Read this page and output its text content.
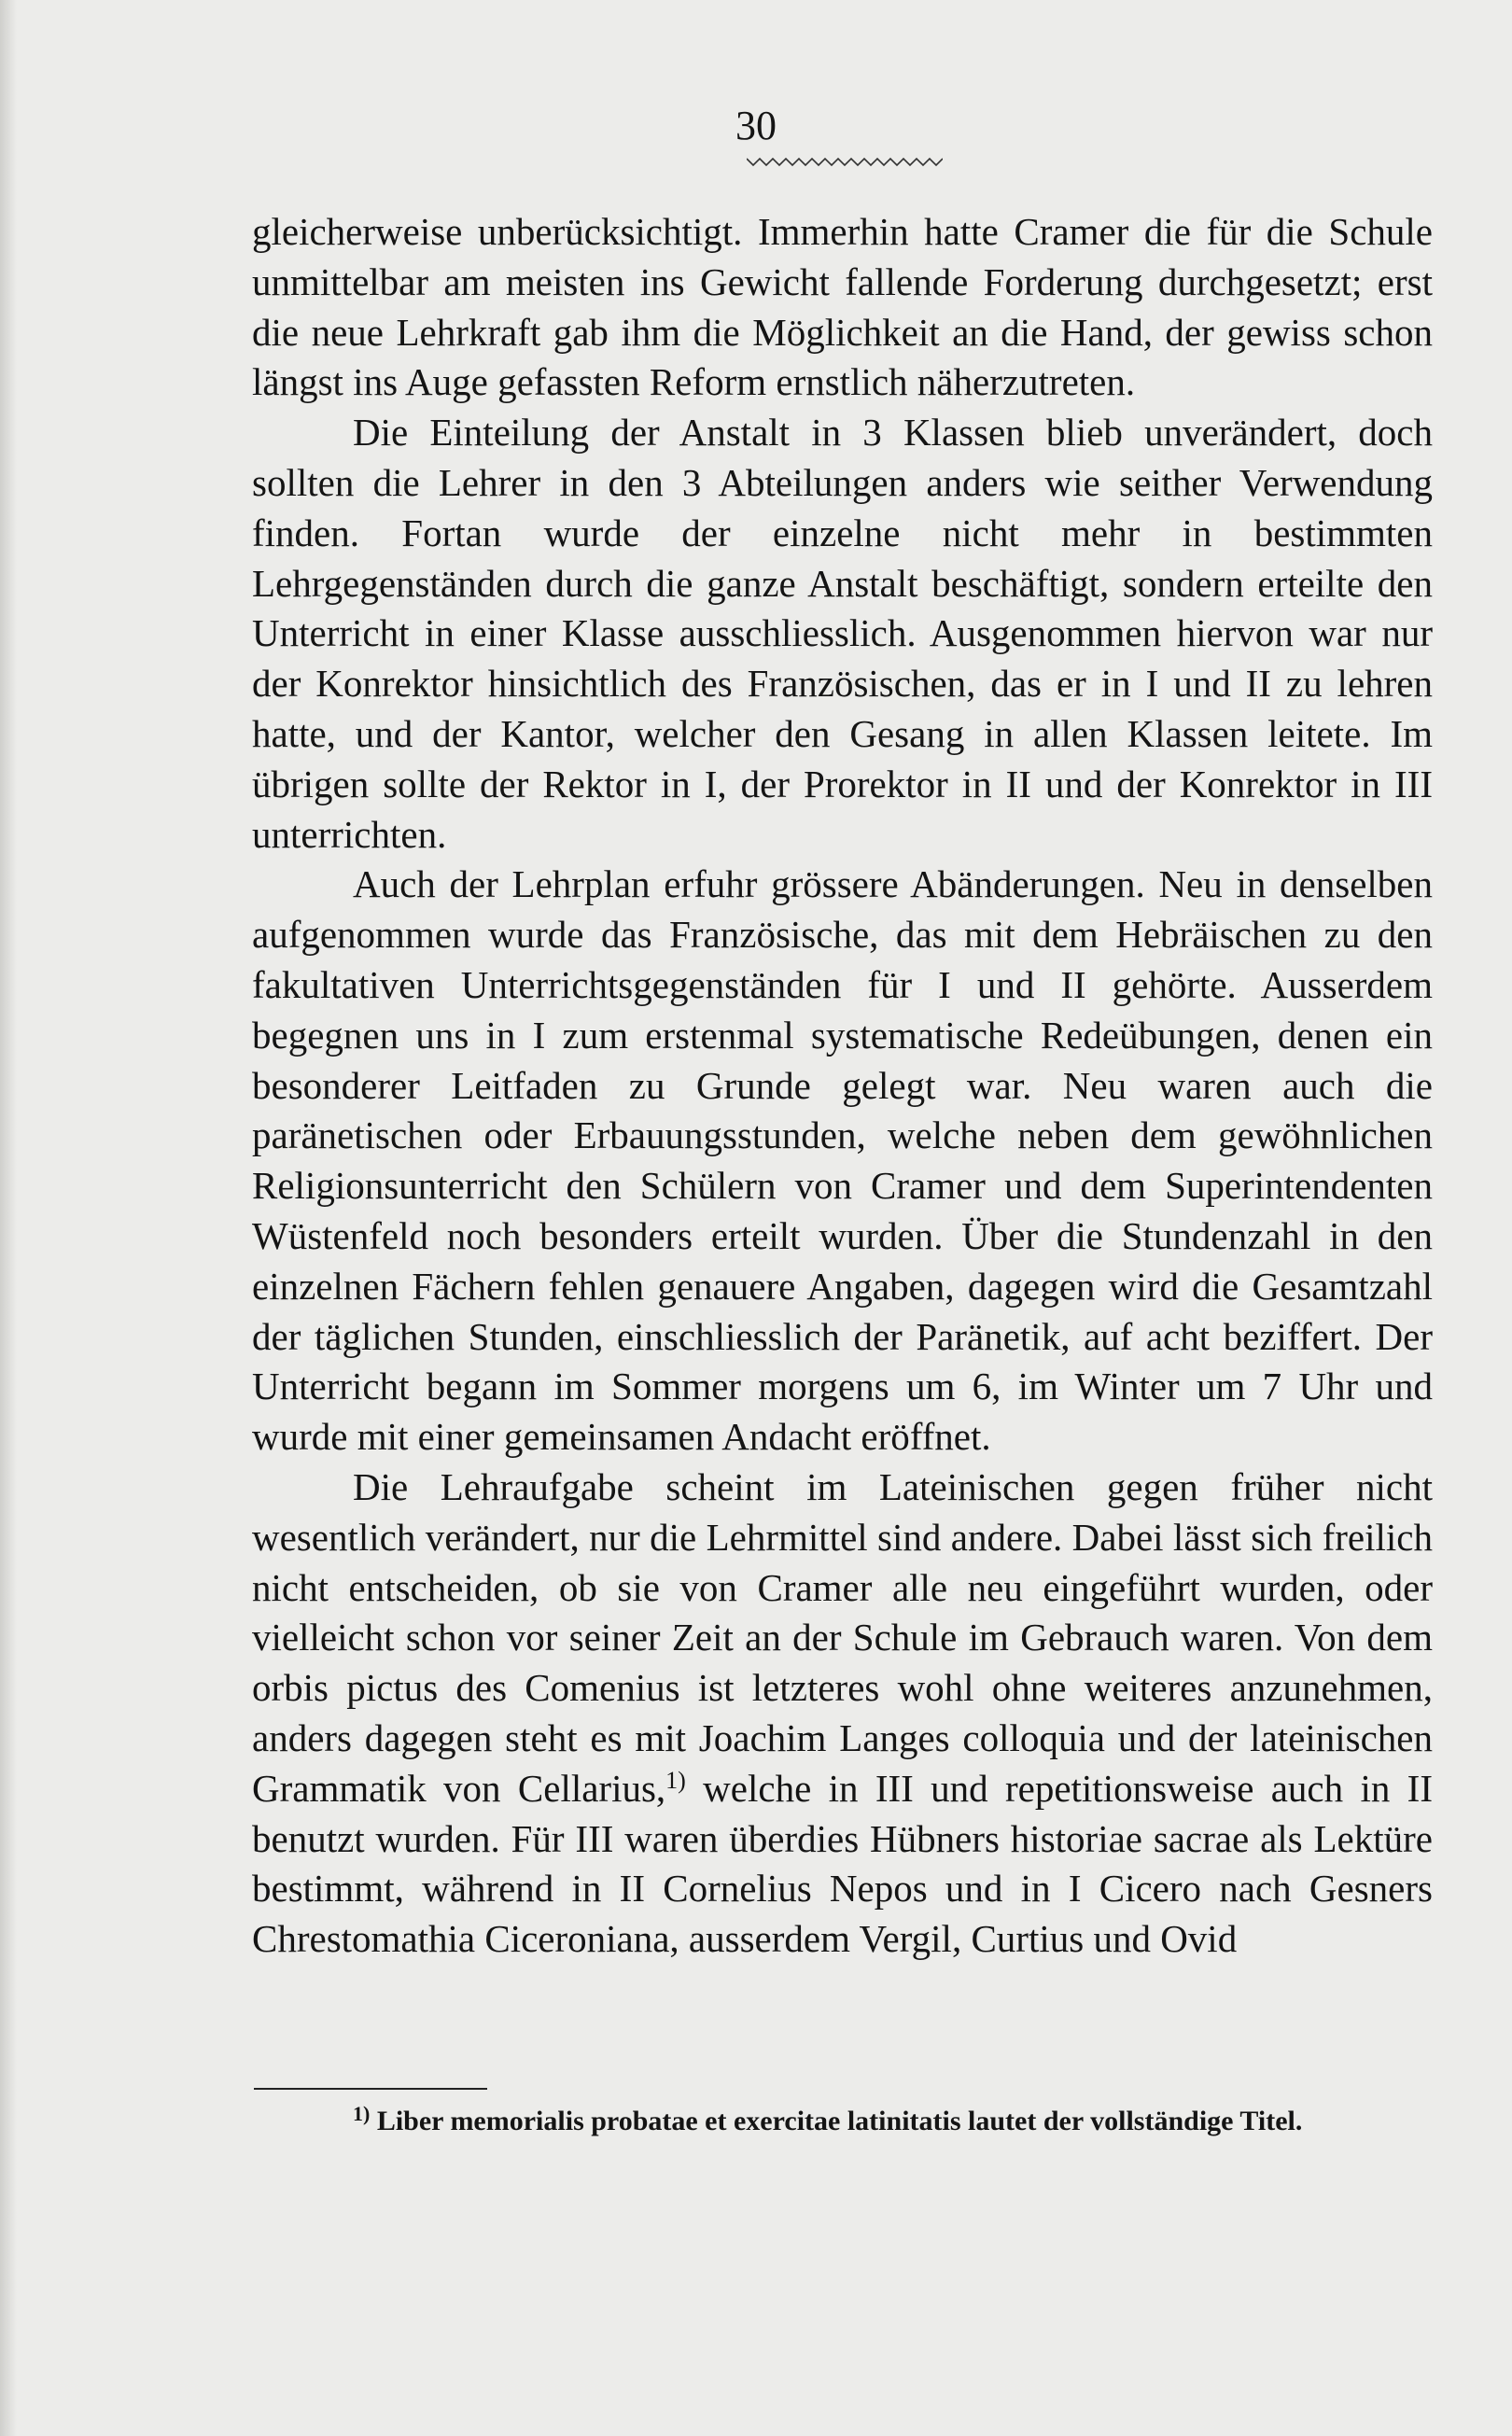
30

gleicherweise unberücksichtigt. Immerhin hatte Cramer die für die Schule unmittelbar am meisten ins Gewicht fallende Forderung durchgesetzt; erst die neue Lehrkraft gab ihm die Möglichkeit an die Hand, der gewiss schon längst ins Auge gefassten Reform ernstlich näherzutreten.

Die Einteilung der Anstalt in 3 Klassen blieb unverändert, doch sollten die Lehrer in den 3 Abteilungen anders wie seither Verwendung finden. Fortan wurde der einzelne nicht mehr in bestimmten Lehrgegenständen durch die ganze Anstalt beschäftigt, sondern erteilte den Unterricht in einer Klasse ausschliesslich. Ausgenommen hiervon war nur der Konrektor hinsichtlich des Französischen, das er in I und II zu lehren hatte, und der Kantor, welcher den Gesang in allen Klassen leitete. Im übrigen sollte der Rektor in I, der Prorektor in II und der Konrektor in III unterrichten.

Auch der Lehrplan erfuhr grössere Abänderungen. Neu in denselben aufgenommen wurde das Französische, das mit dem Hebräischen zu den fakultativen Unterrichtsgegenständen für I und II gehörte. Ausserdem begegnen uns in I zum erstenmal systematische Redeübungen, denen ein besonderer Leitfaden zu Grunde gelegt war. Neu waren auch die paränetischen oder Erbauungsstunden, welche neben dem gewöhnlichen Religionsunterricht den Schülern von Cramer und dem Superintendenten Wüstenfeld noch besonders erteilt wurden. Über die Stundenzahl in den einzelnen Fächern fehlen genauere Angaben, dagegen wird die Gesamtzahl der täglichen Stunden, einschliesslich der Paränetik, auf acht beziffert. Der Unterricht begann im Sommer morgens um 6, im Winter um 7 Uhr und wurde mit einer gemeinsamen Andacht eröffnet.

Die Lehraufgabe scheint im Lateinischen gegen früher nicht wesentlich verändert, nur die Lehrmittel sind andere. Dabei lässt sich freilich nicht entscheiden, ob sie von Cramer alle neu eingeführt wurden, oder vielleicht schon vor seiner Zeit an der Schule im Gebrauch waren. Von dem orbis pictus des Comenius ist letzteres wohl ohne weiteres anzunehmen, anders dagegen steht es mit Joachim Langes colloquia und der lateinischen Grammatik von Cellarius,$^{1)}$ welche in III und repetitionsweise auch in II benutzt wurden. Für III waren überdies Hübners historiae sacrae als Lektüre bestimmt, während in II Cornelius Nepos und in I Cicero nach Gesners Chrestomathia Ciceroniana, ausserdem Vergil, Curtius und Ovid

$^{1)}$ Liber memorialis probatae et exercitae latinitatis lautet der vollständige Titel.
